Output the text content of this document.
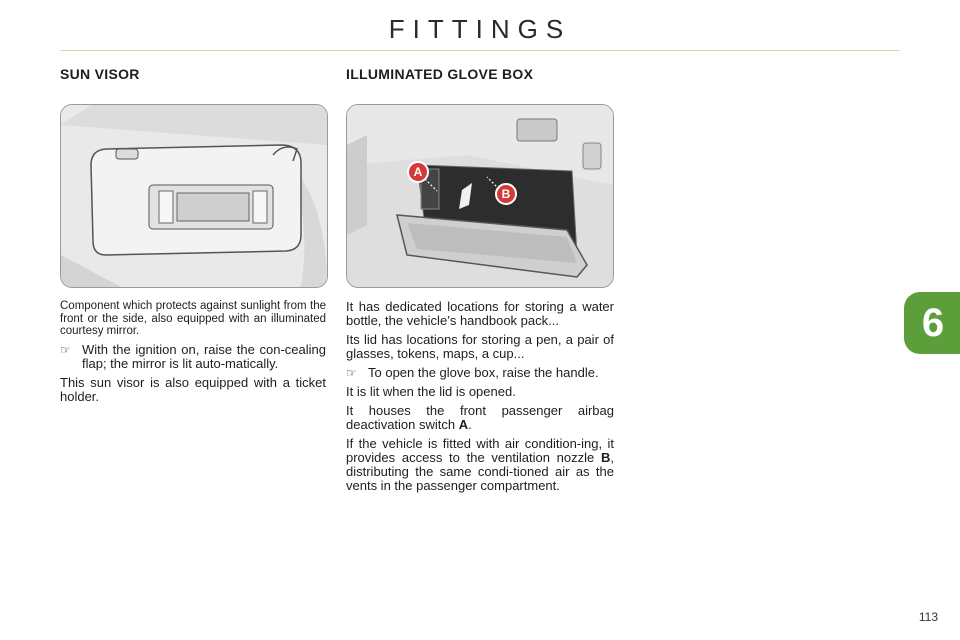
FITTINGS
SUN VISOR	ILLUMINATED GLOVE BOX
A
B

Component which protects against sunlight from the front or the side, also equipped with an illuminated courtesy mirror.

☞ With the ignition on, raise the con-cealing flap; the mirror is lit auto-matically.

This sun visor is also equipped with a ticket holder.

It has dedicated locations for storing a water bottle, the vehicle’s handbook pack...

Its lid has locations for storing a pen, a pair of glasses, tokens, maps, a cup...

☞ To open the glove box, raise the handle.

It is lit when the lid is opened.

It houses the front passenger airbag deactivation switch A.

If the vehicle is fitted with air condition-ing, it provides access to the ventilation nozzle B, distributing the same condi-tioned air as the vents in the passenger compartment.

6
113
